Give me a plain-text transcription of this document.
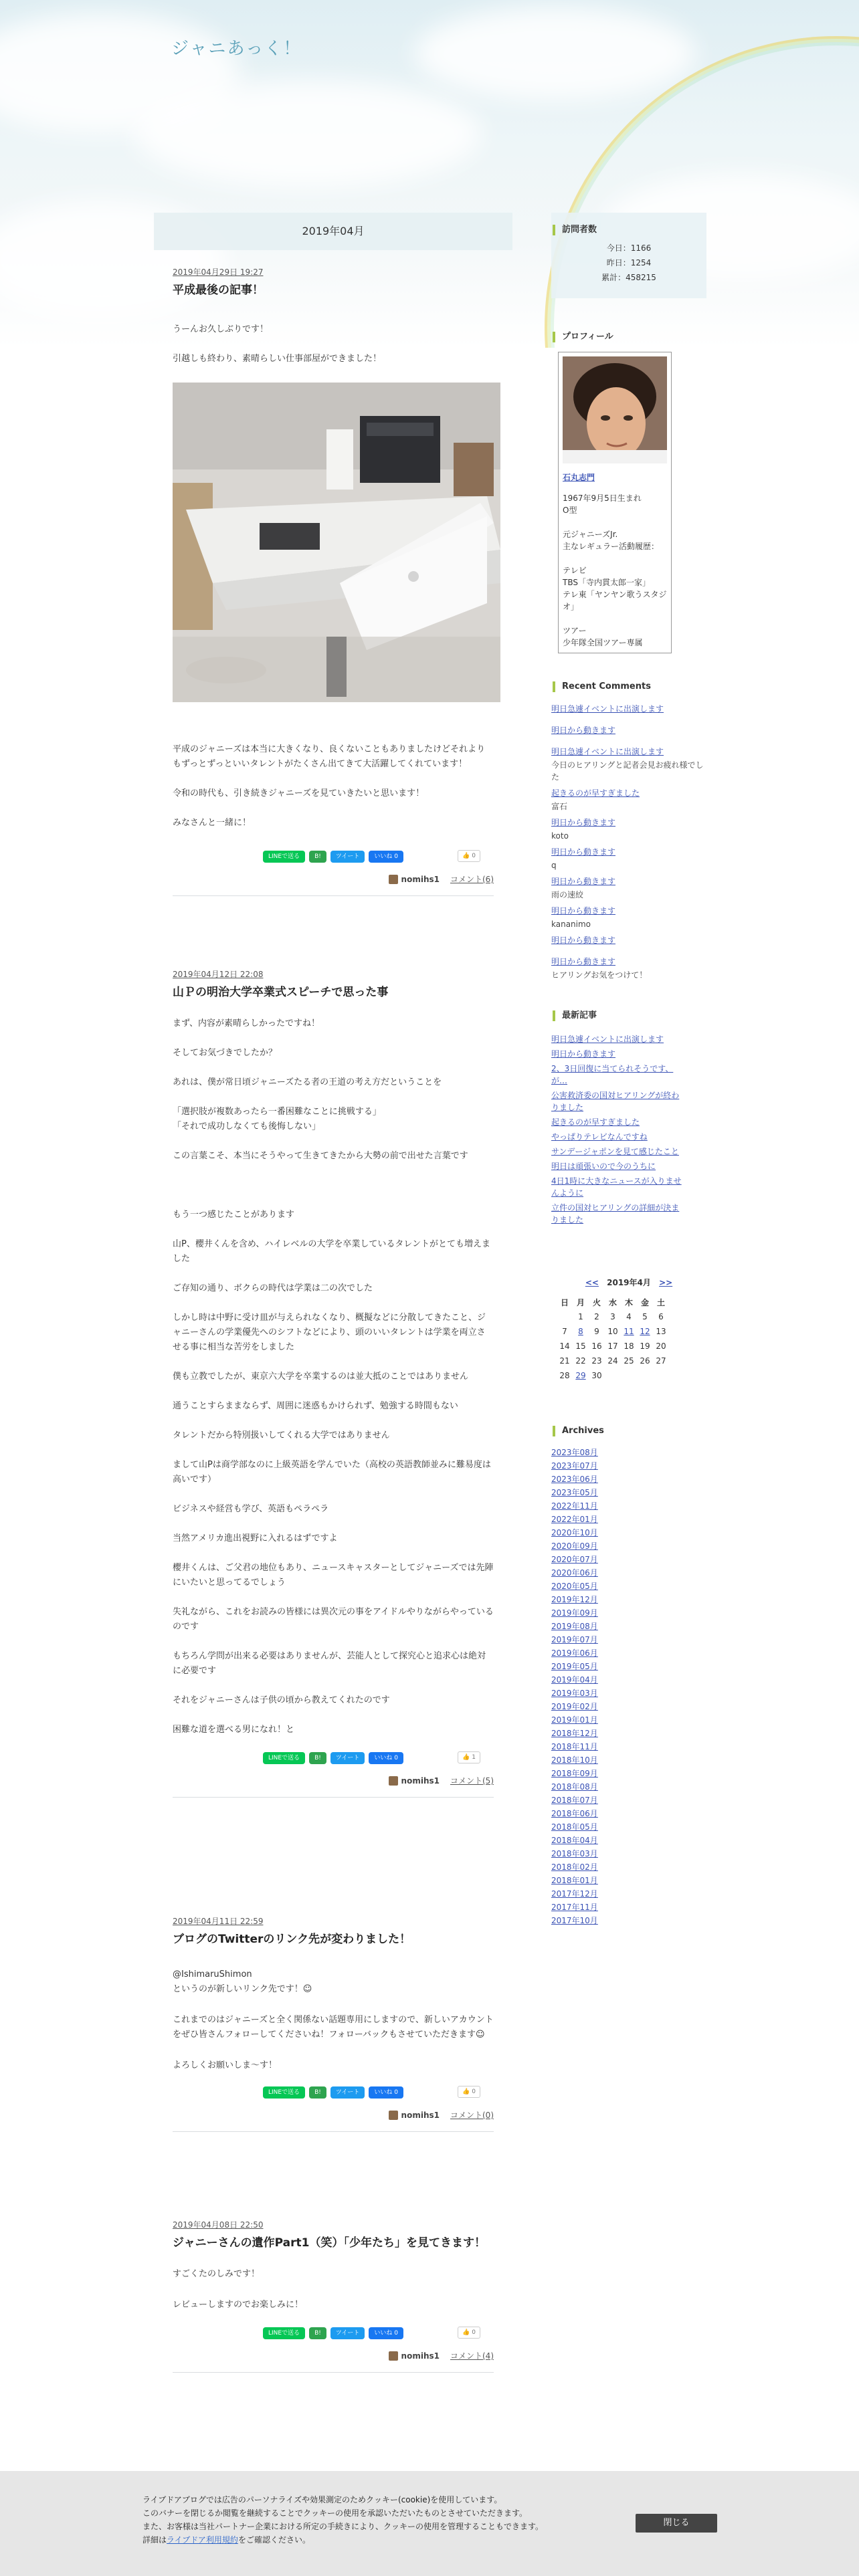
ジャニあっく！
2019年04月
2019年04月29日 19:27
平成最後の記事！

うーんお久しぶりです！

引越しも終わり、素晴らしい仕事部屋ができました！

平成のジャニーズは本当に大きくなり、良くないこともありましたけどそれよりもずっとずっといいタレントがたくさん出てきて大活躍してくれています！

令和の時代も、引き続きジャニーズを見ていきたいと思います！

みなさんと一緒に！

LINEで送る	B!	ツイート	いいね 0	👍 0
nomihs1 コメント(6)
2019年04月12日 22:08
山Ｐの明治大学卒業式スピーチで思った事

まず、内容が素晴らしかったですね！

そしてお気づきでしたか？

あれは、僕が常日頃ジャニーズたる者の王道の考え方だということを

「選択肢が複数あったら一番困難なことに挑戦する」
「それで成功しなくても後悔しない」

この言葉こそ、本当にそうやって生きてきたから大勢の前で出せた言葉です

もう一つ感じたことがあります

山P、櫻井くんを含め、ハイレベルの大学を卒業しているタレントがとても増えました

ご存知の通り、ボクらの時代は学業は二の次でした

しかし時は中野に受け皿が与えられなくなり、概擬などに分散してきたこと、ジャニーさんの学業優先へのシフトなどにより、頭のいいタレントは学業を両立させる事に相当な苦労をしました

僕も立教でしたが、東京六大学を卒業するのは並大抵のことではありません

通うことすらままならず、周囲に迷惑もかけられず、勉強する時間もない

タレントだから特別扱いしてくれる大学ではありません

まして山Pは商学部なのに上級英語を学んでいた（高校の英語教師並みに難易度は高いです）

ビジネスや経営も学び、英語もペラペラ

当然アメリカ進出視野に入れるはずですよ

櫻井くんは、ご父君の地位もあり、ニュースキャスターとしてジャニーズでは先陣にいたいと思ってるでしょう

失礼ながら、これをお読みの皆様には異次元の事をアイドルやりながらやっているのです

もちろん学問が出来る必要はありませんが、芸能人として探究心と追求心は絶対に必要です

それをジャニーさんは子供の頃から教えてくれたのです

困難な道を選べる男になれ！と

LINEで送る	B!	ツイート	いいね 0	👍 1
nomihs1 コメント(5)
2019年04月11日 22:59
ブログのTwitterのリンク先が変わりました！

@IshimaruShimon
というのが新しいリンク先です！☺

これまでのはジャニーズと全く関係ない話題専用にしますので、新しいアカウントをぜひ皆さんフォローしてくださいね！フォローバックもさせていただきます☺

よろしくお願いしま〜す！

LINEで送る	B!	ツイート	いいね 0	👍 0
nomihs1 コメント(0)
2019年04月08日 22:50
ジャニーさんの遺作Part1（笑）「少年たち」を見てきます！

すごくたのしみです！

レビューしますのでお楽しみに！

LINEで送る	B!	ツイート	いいね 0	👍 0
nomihs1 コメント(4)
訪問者数
今日：1166
昨日：1254
累計：458215
プロフィール
石丸志門
1967年9月5日生まれ
O型

元ジャニーズJr.
主なレギュラー活動履歴：

テレビ
TBS「寺内貫太郎一家」
テレ東「ヤンヤン歌うスタジオ」

ツアー
少年隊全国ツアー専属
Recent Comments
明日急遽イベントに出演します
明日から動きます
明日急遽イベントに出演します
今日のヒアリングと記者会見お疲れ様でした
起きるのが早すぎました
富石
明日から動きます
koto
明日から動きます
q
明日から動きます
雨の速絞
明日から動きます
kananimo
明日から動きます
明日から動きます
ヒアリングお気をつけて！
最新記事
明日急遽イベントに出演します
明日から動きます
2、3日回復に当てられそうです、が…
公害救済委の国対ヒアリングが終わりました
起きるのが早すぎました
やっぱりテレビなんですね
サンデージャポンを見て感じたこと
明日は頑張いので今のうちに
4日1時に大きなニュースが入りませんように
立件の国対ヒアリングの詳細が決まりました
<< 2019年4月 >>
日	月	火	水	木	金	土
	1	2	3	4	5	6
7	8	9	10	11	12	13
14	15	16	17	18	19	20
21	22	23	24	25	26	27
28	29	30				
Archives
2023年08月
2023年07月
2023年06月
2023年05月
2022年11月
2022年01月
2020年10月
2020年09月
2020年07月
2020年06月
2020年05月
2019年12月
2019年09月
2019年08月
2019年07月
2019年06月
2019年05月
2019年04月
2019年03月
2019年02月
2019年01月
2018年12月
2018年11月
2018年10月
2018年09月
2018年08月
2018年07月
2018年06月
2018年05月
2018年04月
2018年03月
2018年02月
2018年01月
2017年12月
2017年11月
2017年10月
ライブドアブログでは広告のパーソナライズや効果測定のためクッキー(cookie)を使用しています。
このバナーを閉じるか閲覧を継続することでクッキーの使用を承認いただいたものとさせていただきます。
また、お客様は当社パートナー企業における所定の手続きにより、クッキーの使用を管理することもできます。
詳細はライブドア利用規約をご確認ください。
閉じる
